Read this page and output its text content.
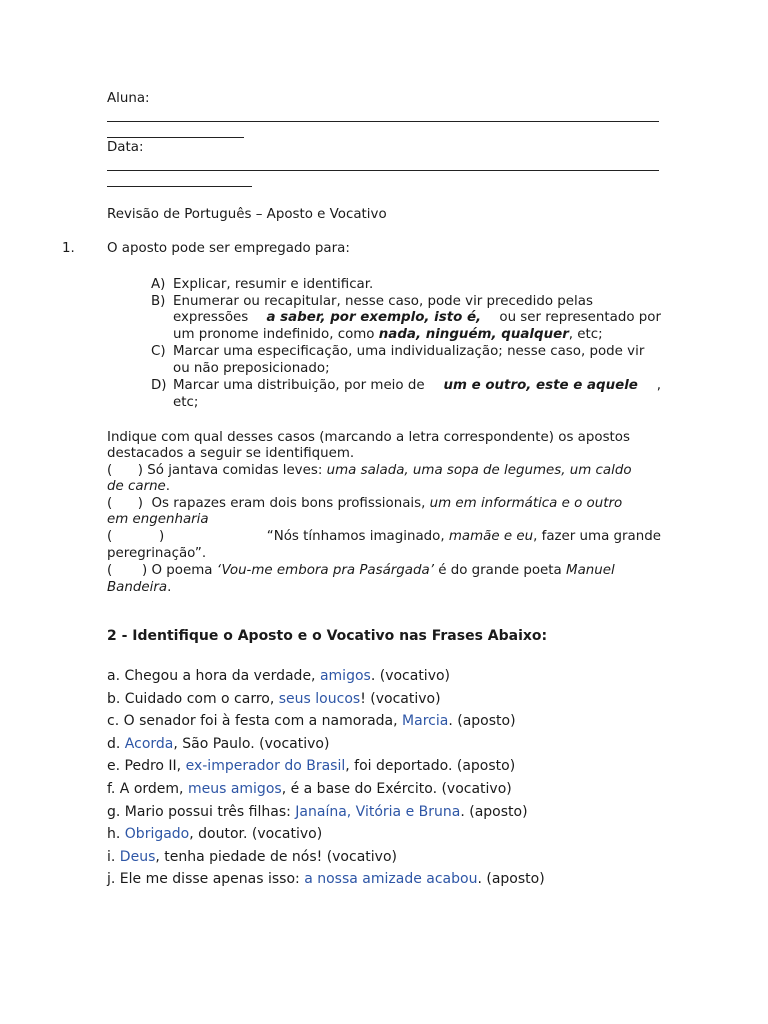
Aluna:
Data:
Revisão de Português – Aposto e Vocativo
1. O aposto pode ser empregado para:
A) Explicar, resumir e identificar.
B) Enumerar ou recapitular, nesse caso, pode vir precedido pelas
expressões a saber, por exemplo, isto é, ou ser representado por
um pronome indefinido, como nada, ninguém, qualquer, etc;
C) Marcar uma especificação, uma individualização; nesse caso, pode vir
ou não preposicionado;
D) Marcar uma distribuição, por meio de um e outro, este e aquele ,
etc;
Indique com qual desses casos (marcando a letra correspondente) os apostos
destacados a seguir se identifiquem.
(      ) Só jantava comidas leves: uma salada, uma sopa de legumes, um caldo
de carne.
(      )  Os rapazes eram dois bons profissionais, um em informática e o outro
em engenharia
(           )	“Nós tínhamos imaginado, mamãe e eu, fazer uma grande
peregrinação”.
(       ) O poema ‘Vou-me embora pra Pasárgada’ é do grande poeta Manuel
Bandeira.
2 - Identifique o Aposto e o Vocativo nas Frases Abaixo:
a. Chegou a hora da verdade, amigos. (vocativo)
b. Cuidado com o carro, seus loucos! (vocativo)
c. O senador foi à festa com a namorada, Marcia. (aposto)
d. Acorda, São Paulo. (vocativo)
e. Pedro II, ex-imperador do Brasil, foi deportado. (aposto)
f. A ordem, meus amigos, é a base do Exército. (vocativo)
g. Mario possui três filhas: Janaína, Vitória e Bruna. (aposto)
h. Obrigado, doutor. (vocativo)
i. Deus, tenha piedade de nós! (vocativo)
j. Ele me disse apenas isso: a nossa amizade acabou. (aposto)
